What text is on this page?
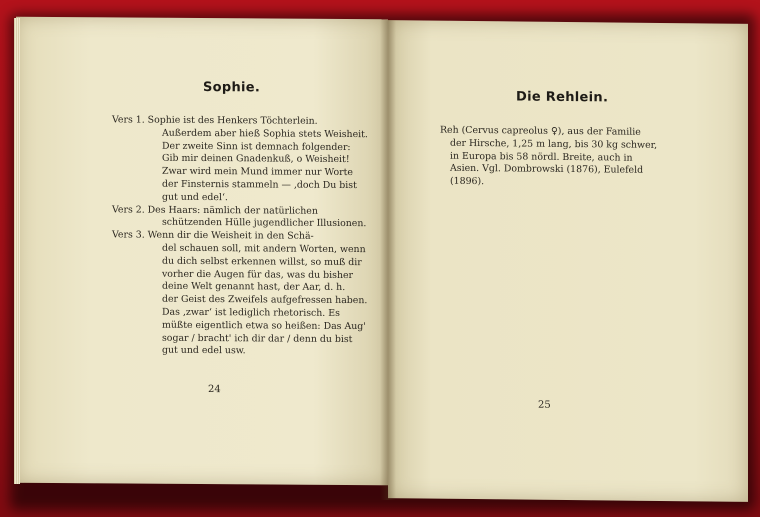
Sophie.
Vers 1. Sophie ist des Henkers Töchterlein.
Außerdem aber hieß Sophia stets Weisheit.
Der zweite Sinn ist demnach folgender:
Gib mir deinen Gnadenkuß, o Weisheit!
Zwar wird mein Mund immer nur Worte
der Finsternis stammeln — ‚doch Du bist
gut und edel‘.
Vers 2. Des Haars: nämlich der natürlichen
schützenden Hülle jugendlicher Illusionen.
Vers 3. Wenn dir die Weisheit in den Schä-
del schauen soll, mit andern Worten, wenn
du dich selbst erkennen willst, so muß dir
vorher die Augen für das, was du bisher
deine Welt genannt hast, der Aar, d. h.
der Geist des Zweifels aufgefressen haben.
Das ‚zwar‘ ist lediglich rhetorisch. Es
müßte eigentlich etwa so heißen: Das Aug'
sogar / bracht' ich dir dar / denn du bist
gut und edel usw.
24
Die Rehlein.
Reh (Cervus capreolus ♀), aus der Familie
der Hirsche, 1,25 m lang, bis 30 kg schwer,
in Europa bis 58 nördl. Breite, auch in
Asien. Vgl. Dombrowski (1876), Eulefeld
(1896).
25
